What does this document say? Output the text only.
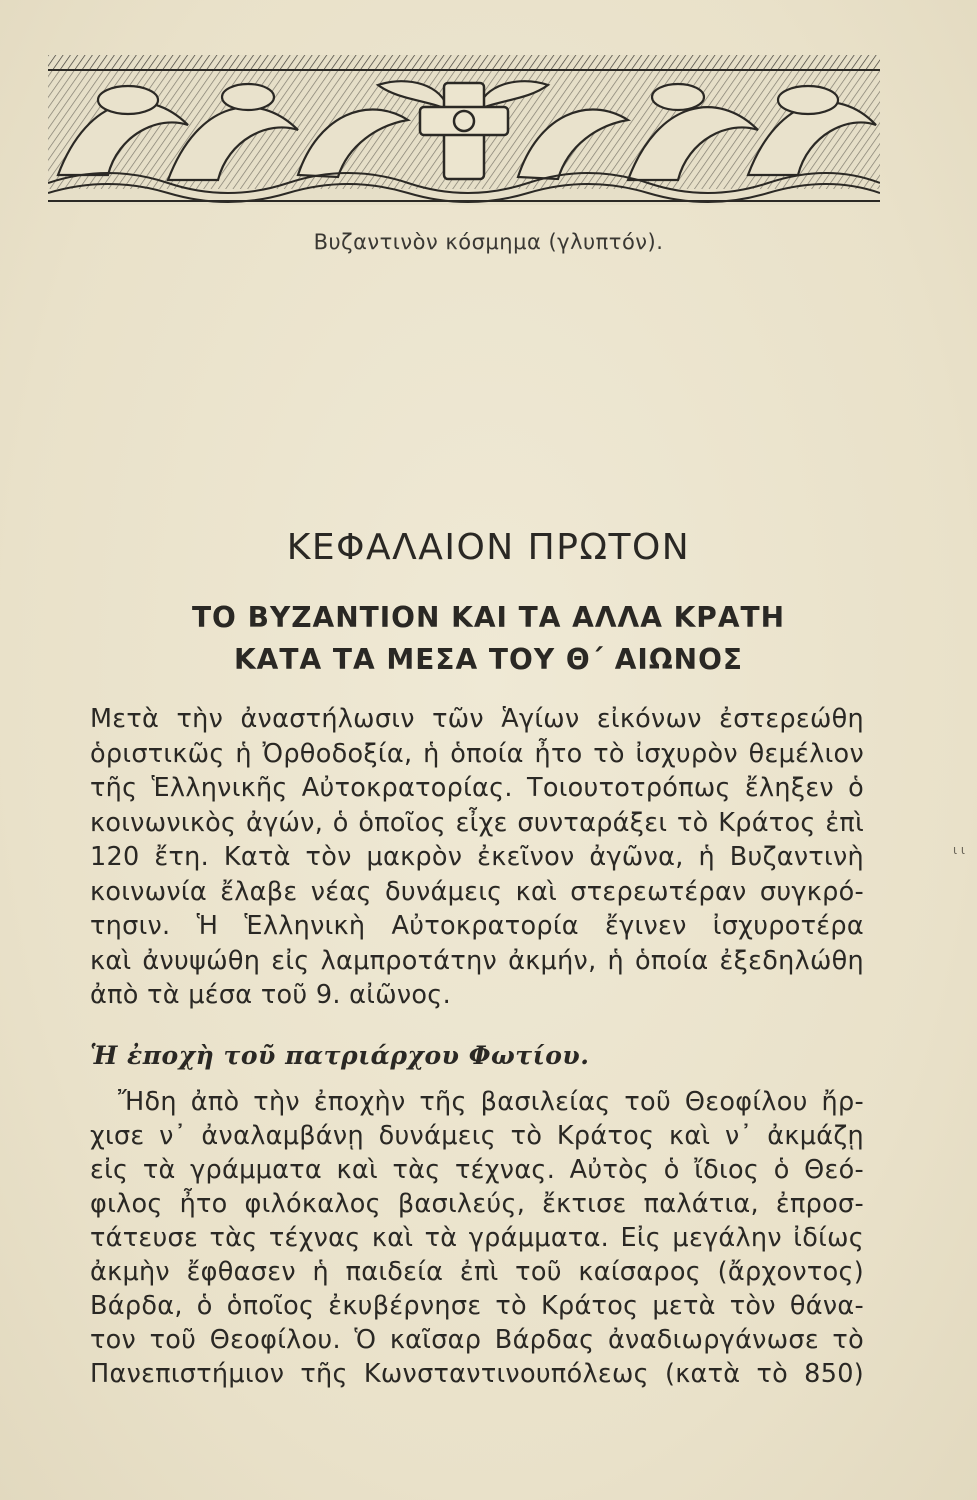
Βυζαντινὸν κόσμημα (γλυπτόν).
ΚΕΦΑΛΑΙΟΝ ΠΡΩΤΟΝ
ΤΟ ΒΥΖΑΝΤΙΟΝ ΚΑΙ ΤΑ ΑΛΛΑ ΚΡΑΤΗ
ΚΑΤΑ ΤΑ ΜΕΣΑ ΤΟΥ Θ΄ ΑΙΩΝΟΣ

Μετὰ τὴν ἀναστήλωσιν τῶν Ἁγίων εἰκόνων ἐστερεώθη
ὁριστικῶς ἡ Ὀρθοδοξία, ἡ ὁποία ἦτο τὸ ἰσχυρὸν θεμέλιον
τῆς Ἑλληνικῆς Αὐτοκρατορίας. Τοιουτοτρόπως ἔληξεν ὁ
κοινωνικὸς ἀγών, ὁ ὁποῖος εἶχε συνταράξει τὸ Κράτος ἐπὶ
120 ἔτη. Κατὰ τὸν μακρὸν ἐκεῖνον ἀγῶνα, ἡ Βυζαντινὴ
κοινωνία ἔλαβε νέας δυνάμεις καὶ στερεωτέραν συγκρό-
τησιν. Ἡ Ἑλληνικὴ Αὐτοκρατορία ἔγινεν ἰσχυροτέρα
καὶ ἀνυψώθη εἰς λαμπροτάτην ἀκμήν, ἡ ὁποία ἐξεδηλώθη
ἀπὸ τὰ μέσα τοῦ 9. αἰῶνος.

ι ι
Ἡ ἐποχὴ τοῦ πατριάρχου Φωτίου.

Ἤδη ἀπὸ τὴν ἐποχὴν τῆς βασιλείας τοῦ Θεοφίλου ἤρ-
χισε ν᾿ ἀναλαμβάνῃ δυνάμεις τὸ Κράτος καὶ ν᾿ ἀκμάζῃ
εἰς τὰ γράμματα καὶ τὰς τέχνας. Αὐτὸς ὁ ἴδιος ὁ Θεό-
φιλος ἦτο φιλόκαλος βασιλεύς, ἔκτισε παλάτια, ἐπροσ-
τάτευσε τὰς τέχνας καὶ τὰ γράμματα. Εἰς μεγάλην ἰδίως
ἀκμὴν ἔφθασεν ἡ παιδεία ἐπὶ τοῦ καίσαρος (ἄρχοντος)
Βάρδα, ὁ ὁποῖος ἐκυβέρνησε τὸ Κράτος μετὰ τὸν θάνα-
τον τοῦ Θεοφίλου. Ὁ καῖσαρ Βάρδας ἀναδιωργάνωσε τὸ
Πανεπιστήμιον τῆς Κωνσταντινουπόλεως (κατὰ τὸ 850)
